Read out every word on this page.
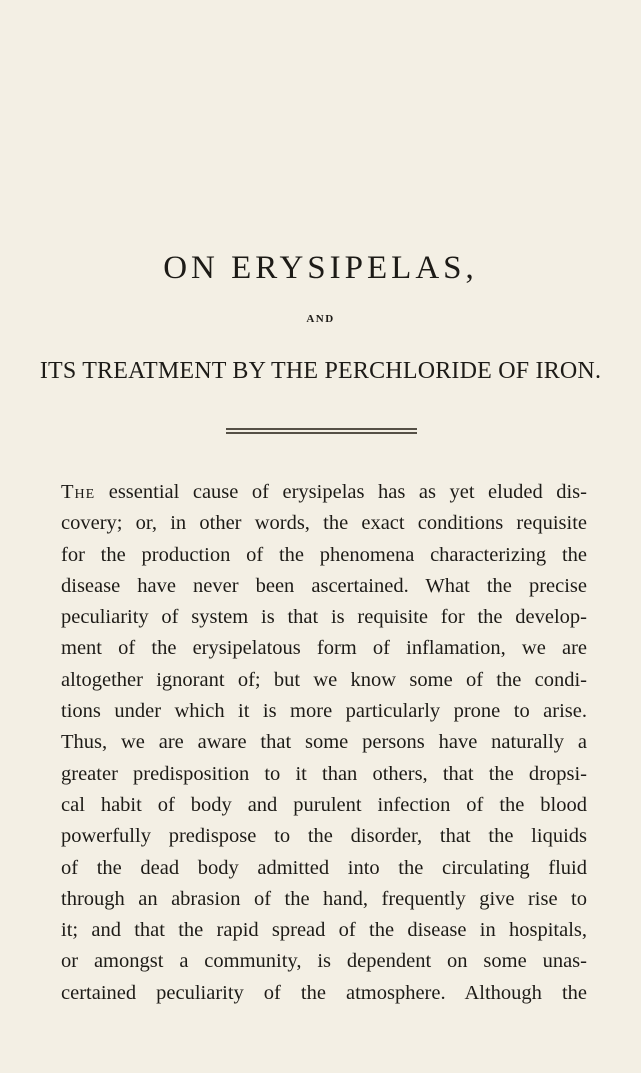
ON ERYSIPELAS,
AND
ITS TREATMENT BY THE PERCHLORIDE OF IRON.
The essential cause of erysipelas has as yet eluded dis-
covery; or, in other words, the exact conditions requisite
for the production of the phenomena characterizing the
disease have never been ascertained. What the precise
peculiarity of system is that is requisite for the develop-
ment of the erysipelatous form of inflamation, we are
altogether ignorant of; but we know some of the condi-
tions under which it is more particularly prone to arise.
Thus, we are aware that some persons have naturally a
greater predisposition to it than others, that the dropsi-
cal habit of body and purulent infection of the blood
powerfully predispose to the disorder, that the liquids
of the dead body admitted into the circulating fluid
through an abrasion of the hand, frequently give rise to
it; and that the rapid spread of the disease in hospitals,
or amongst a community, is dependent on some unas-
certained peculiarity of the atmosphere. Although the
